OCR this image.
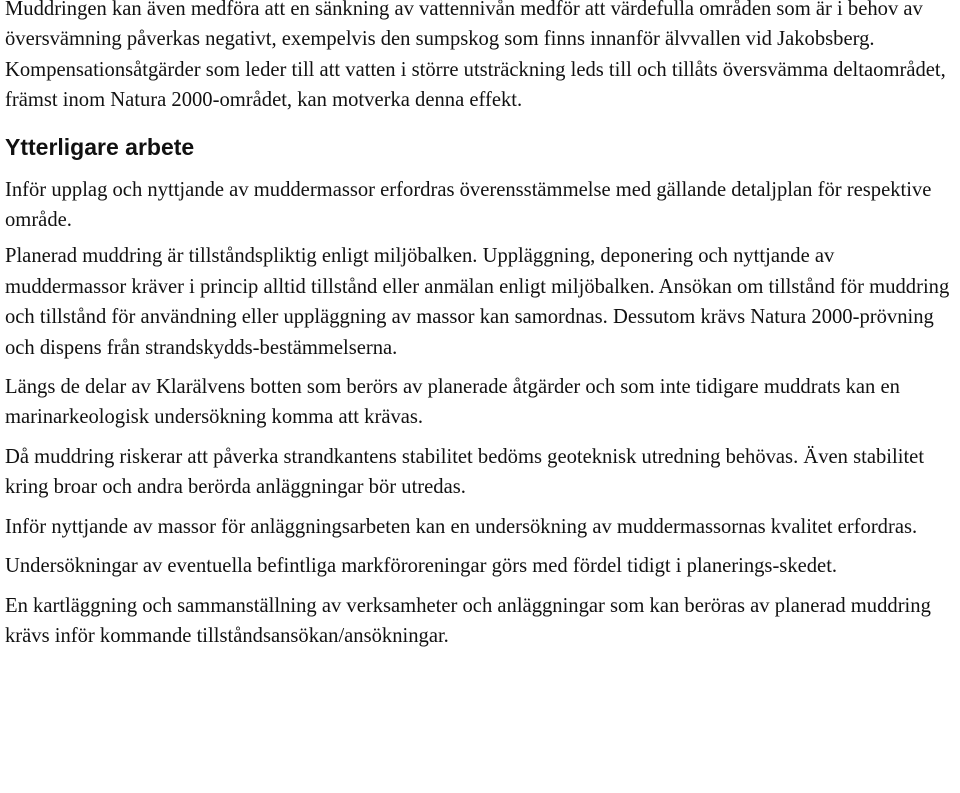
Muddringen kan även medföra att en sänkning av vattennivån medför att värdefulla områden som är i behov av översvämning påverkas negativt, exempelvis den sumpskog som finns innanför älvvallen vid Jakobsberg. Kompensationsåtgärder som leder till att vatten i större utsträckning leds till och tillåts översvämma deltaområdet, främst inom Natura 2000-området, kan motverka denna effekt.

Ytterligare arbete

Inför upplag och nyttjande av muddermassor erfordras överensstämmelse med gällande detaljplan för respektive område.

Planerad muddring är tillståndspliktig enligt miljöbalken. Uppläggning, deponering och nyttjande av muddermassor kräver i princip alltid tillstånd eller anmälan enligt miljöbalken. Ansökan om tillstånd för muddring och tillstånd för användning eller uppläggning av massor kan samordnas. Dessutom krävs Natura 2000-prövning och dispens från strandskydds-bestämmelserna.

Längs de delar av Klarälvens botten som berörs av planerade åtgärder och som inte tidigare muddrats kan en marinarkeologisk undersökning komma att krävas.

Då muddring riskerar att påverka strandkantens stabilitet bedöms geoteknisk utredning behövas. Även stabilitet kring broar och andra berörda anläggningar bör utredas.

Inför nyttjande av massor för anläggningsarbeten kan en undersökning av muddermassornas kvalitet erfordras.

Undersökningar av eventuella befintliga markföroreningar görs med fördel tidigt i planerings-skedet.

En kartläggning och sammanställning av verksamheter och anläggningar som kan beröras av planerad muddring krävs inför kommande tillståndsansökan/ansökningar.
